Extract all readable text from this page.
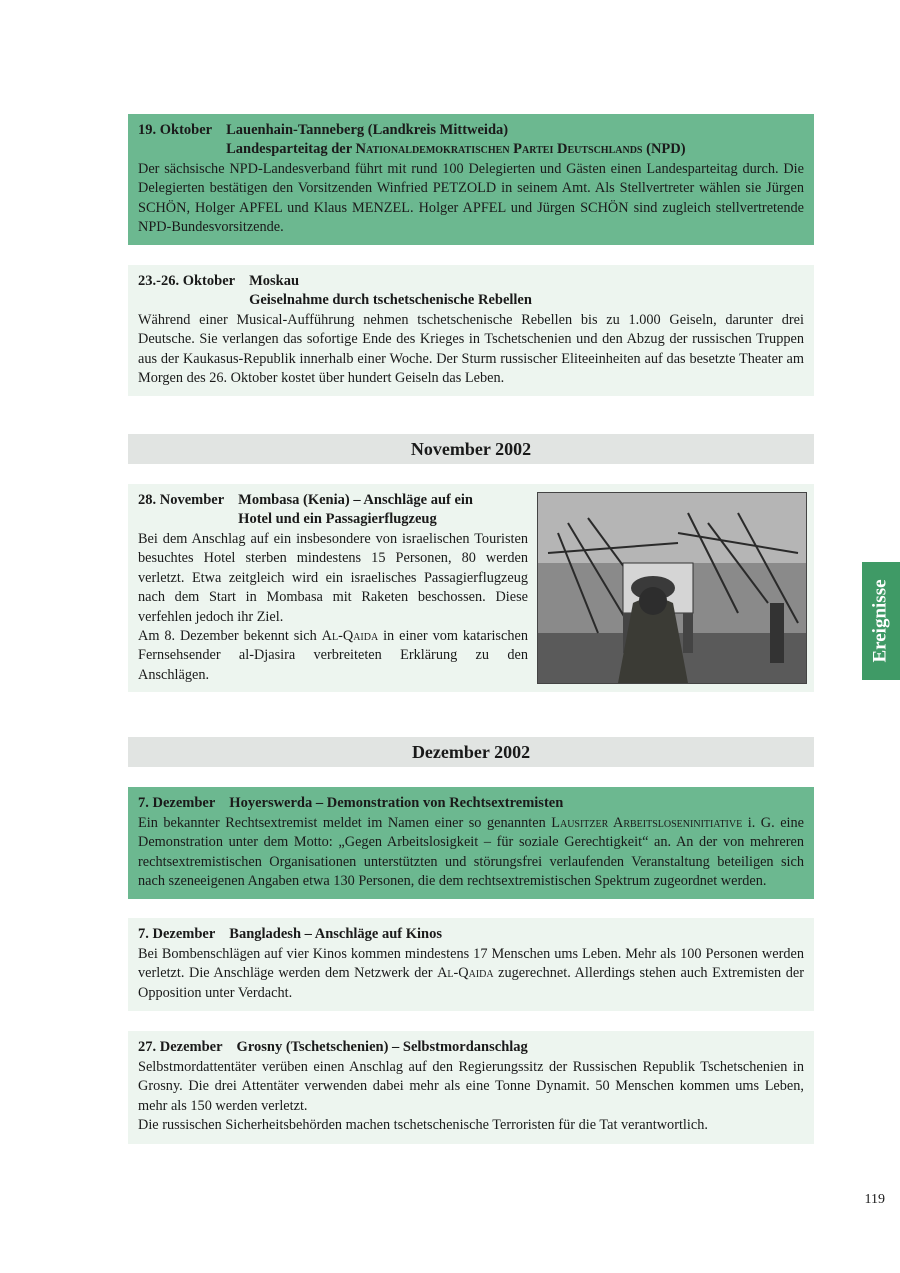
19. Oktober Lauenhain-Tanneberg (Landkreis Mittweida)
Landesparteitag der Nationaldemokratischen Partei Deutschlands (NPD)
Der sächsische NPD-Landesverband führt mit rund 100 Delegierten und Gästen einen Landesparteitag durch. Die Delegierten bestätigen den Vorsitzenden Winfried PETZOLD in seinem Amt. Als Stellvertreter wählen sie Jürgen SCHÖN, Holger APFEL und Klaus MENZEL. Holger APFEL und Jürgen SCHÖN sind zugleich stellvertretende NPD-Bundesvorsitzende.
23.-26. Oktober Moskau
Geiselnahme durch tschetschenische Rebellen
Während einer Musical-Aufführung nehmen tschetschenische Rebellen bis zu 1.000 Geiseln, darunter drei Deutsche. Sie verlangen das sofortige Ende des Krieges in Tschetschenien und den Abzug der russischen Truppen aus der Kaukasus-Republik innerhalb einer Woche. Der Sturm russischer Eliteeinheiten auf das besetzte Theater am Morgen des 26. Oktober kostet über hundert Geiseln das Leben.
November 2002
28. November Mombasa (Kenia) – Anschläge auf ein
Hotel und ein Passagierflugzeug

Bei dem Anschlag auf ein insbesondere von israelischen Touristen besuchtes Hotel sterben mindestens 15 Personen, 80 werden verletzt. Etwa zeitgleich wird ein israelisches Passagierflugzeug nach dem Start in Mombasa mit Raketen beschossen. Diese verfehlen jedoch ihr Ziel.

Am 8. Dezember bekennt sich Al-Qaida in einer vom katarischen Fernsehsender al-Djasira verbreiteten Erklärung zu den Anschlägen.

Ereignisse
Dezember 2002
7. Dezember Hoyerswerda – Demonstration von Rechtsextremisten
Ein bekannter Rechtsextremist meldet im Namen einer so genannten Lausitzer Arbeitsloseninitiative i. G. eine Demonstration unter dem Motto: „Gegen Arbeitslosigkeit – für soziale Gerechtigkeit“ an. An der von mehreren rechtsextremistischen Organisationen unterstützten und störungsfrei verlaufenden Veranstaltung beteiligen sich nach szeneeigenen Angaben etwa 130 Personen, die dem rechtsextremistischen Spektrum zugeordnet werden.
7. Dezember Bangladesh – Anschläge auf Kinos
Bei Bombenschlägen auf vier Kinos kommen mindestens 17 Menschen ums Leben. Mehr als 100 Personen werden verletzt. Die Anschläge werden dem Netzwerk der Al-Qaida zugerechnet. Allerdings stehen auch Extremisten der Opposition unter Verdacht.
27. Dezember Grosny (Tschetschenien) – Selbstmordanschlag

Selbstmordattentäter verüben einen Anschlag auf den Regierungssitz der Russischen Republik Tschetschenien in Grosny. Die drei Attentäter verwenden dabei mehr als eine Tonne Dynamit. 50 Menschen kommen ums Leben, mehr als 150 werden verletzt.

Die russischen Sicherheitsbehörden machen tschetschenische Terroristen für die Tat verantwortlich.

119
